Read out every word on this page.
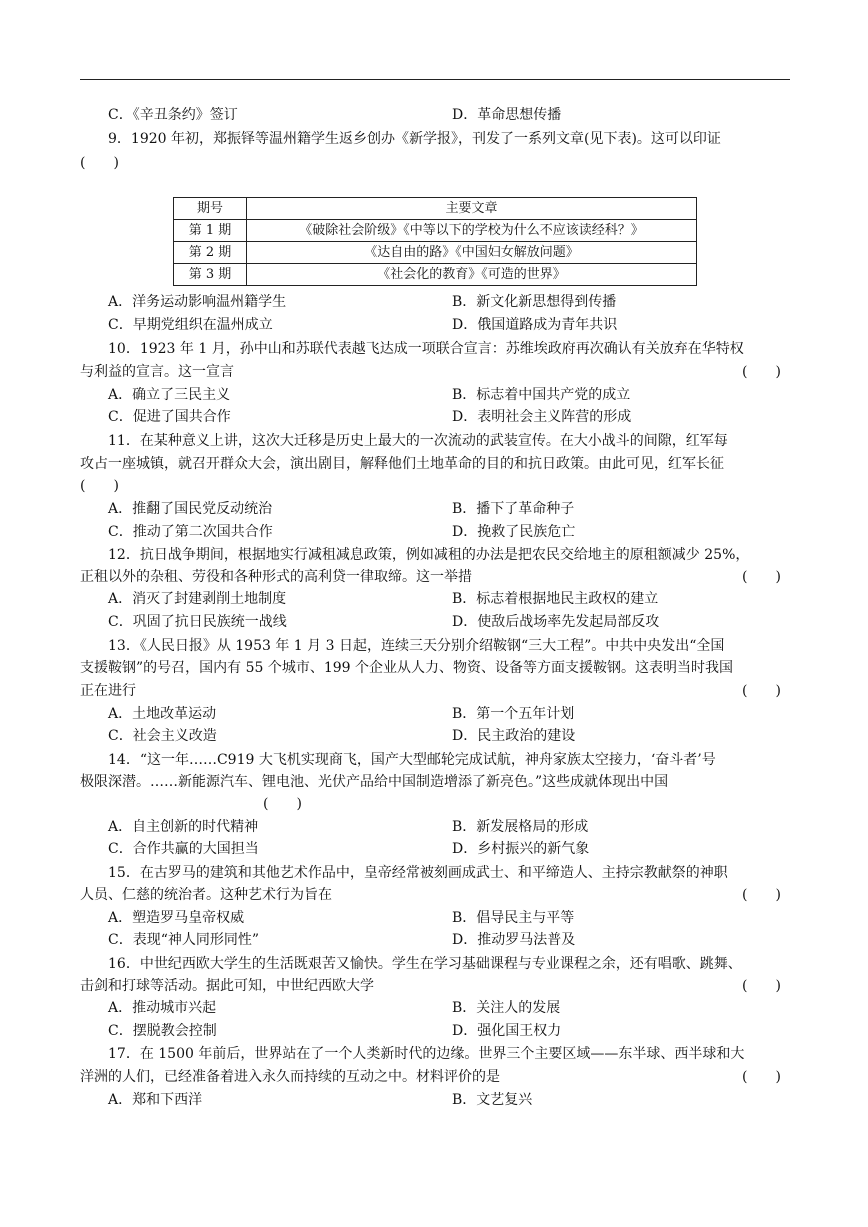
C．《辛丑条约》签订	D．革命思想传播
9．1920 年初，郑振铎等温州籍学生返乡创办《新学报》，刊发了一系列文章(见下表)。这可以印证
(　　)
期号	主要文章
第 1 期	《破除社会阶级》《中等以下的学校为什么不应该读经科？》
第 2 期	《达自由的路》《中国妇女解放问题》
第 3 期	《社会化的教育》《可造的世界》
A．洋务运动影响温州籍学生	B．新文化新思想得到传播
C．早期党组织在温州成立	D．俄国道路成为青年共识
10．1923 年 1 月，孙中山和苏联代表越飞达成一项联合宣言：苏维埃政府再次确认有关放弃在华特权
与利益的宣言。这一宣言	(　　)
A．确立了三民主义	B．标志着中国共产党的成立
C．促进了国共合作	D．表明社会主义阵营的形成
11．在某种意义上讲，这次大迁移是历史上最大的一次流动的武装宣传。在大小战斗的间隙，红军每
攻占一座城镇，就召开群众大会，演出剧目，解释他们土地革命的目的和抗日政策。由此可见，红军长征
(　　)
A．推翻了国民党反动统治	B．播下了革命种子
C．推动了第二次国共合作	D．挽救了民族危亡
12．抗日战争期间，根据地实行减租减息政策，例如减租的办法是把农民交给地主的原租额减少 25%，
正租以外的杂租、劳役和各种形式的高利贷一律取缔。这一举措	(　　)
A．消灭了封建剥削土地制度	B．标志着根据地民主政权的建立
C．巩固了抗日民族统一战线	D．使敌后战场率先发起局部反攻
13．《人民日报》从 1953 年 1 月 3 日起，连续三天分别介绍鞍钢“三大工程”。中共中央发出“全国
支援鞍钢”的号召，国内有 55 个城市、199 个企业从人力、物资、设备等方面支援鞍钢。这表明当时我国
正在进行	(　　)
A．土地改革运动	B．第一个五年计划
C．社会主义改造	D．民主政治的建设
14．“这一年……C919 大飞机实现商飞，国产大型邮轮完成试航，神舟家族太空接力，‘奋斗者’号
极限深潜。……新能源汽车、锂电池、光伏产品给中国制造增添了新亮色。”这些成就体现出中国
(　　)
A．自主创新的时代精神	B．新发展格局的形成
C．合作共赢的大国担当	D．乡村振兴的新气象
15．在古罗马的建筑和其他艺术作品中，皇帝经常被刻画成武士、和平缔造人、主持宗教献祭的神职
人员、仁慈的统治者。这种艺术行为旨在	(　　)
A．塑造罗马皇帝权威	B．倡导民主与平等
C．表现“神人同形同性”	D．推动罗马法普及
16．中世纪西欧大学生的生活既艰苦又愉快。学生在学习基础课程与专业课程之余，还有唱歌、跳舞、
击剑和打球等活动。据此可知，中世纪西欧大学	(　　)
A．推动城市兴起	B．关注人的发展
C．摆脱教会控制	D．强化国王权力
17．在 1500 年前后，世界站在了一个人类新时代的边缘。世界三个主要区域——东半球、西半球和大
洋洲的人们，已经准备着进入永久而持续的互动之中。材料评价的是	(　　)
A．郑和下西洋	B．文艺复兴
